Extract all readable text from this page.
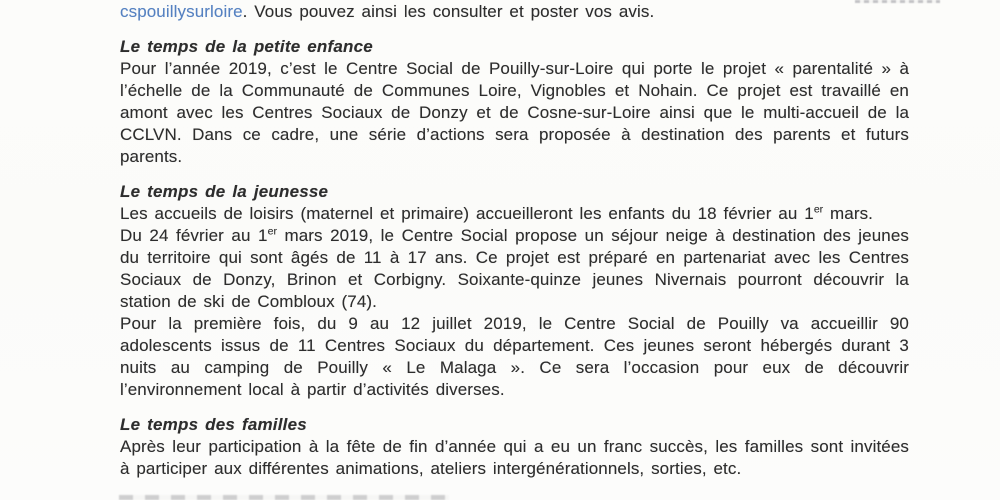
cspouillysurloire. Vous pouvez ainsi les consulter et poster vos avis.
Le temps de la petite enfance
Pour l’année 2019, c’est le Centre Social de Pouilly-sur-Loire qui porte le projet « parentalité » à l’échelle de la Communauté de Communes Loire, Vignobles et Nohain. Ce projet est travaillé en amont avec les Centres Sociaux de Donzy et de Cosne-sur-Loire ainsi que le multi-accueil de la CCLVN. Dans ce cadre, une série d’actions sera proposée à destination des parents et futurs parents.
Le temps de la jeunesse
Les accueils de loisirs (maternel et primaire) accueilleront les enfants du 18 février au 1er mars.
Du 24 février au 1er mars 2019, le Centre Social propose un séjour neige à destination des jeunes du territoire qui sont âgés de 11 à 17 ans. Ce projet est préparé en partenariat avec les Centres Sociaux de Donzy, Brinon et Corbigny. Soixante-quinze jeunes Nivernais pourront découvrir la station de ski de Combloux (74).
Pour la première fois, du 9 au 12 juillet 2019, le Centre Social de Pouilly va accueillir 90 adolescents issus de 11 Centres Sociaux du département. Ces jeunes seront hébergés durant 3 nuits au camping de Pouilly « Le Malaga ». Ce sera l’occasion pour eux de découvrir l’environnement local à partir d’activités diverses.
Le temps des familles
Après leur participation à la fête de fin d’année qui a eu un franc succès, les familles sont invitées à participer aux différentes animations, ateliers intergénérationnels, sorties, etc.
